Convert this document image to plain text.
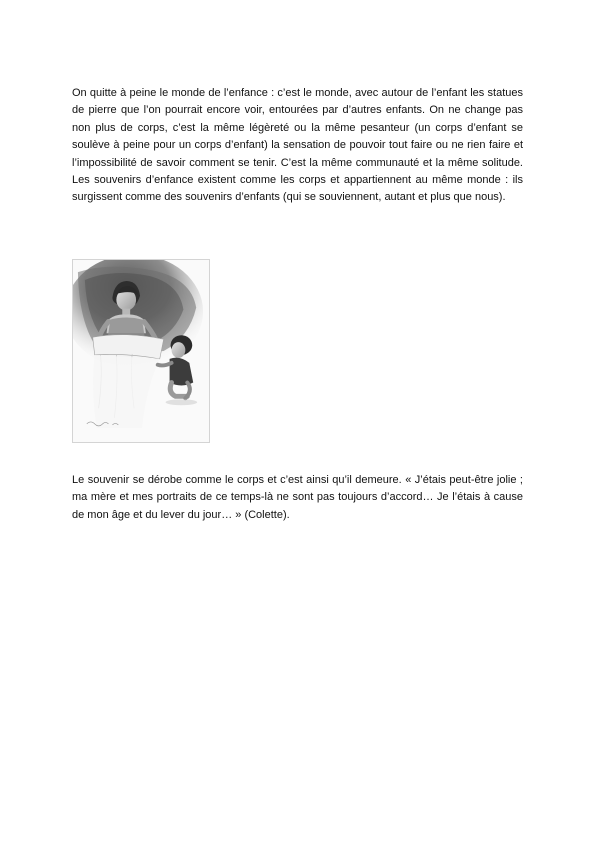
On quitte à peine le monde de l’enfance : c’est le monde, avec autour de l’enfant les statues de pierre que l’on pourrait encore voir, entourées par d’autres enfants. On ne change pas non plus de corps, c’est la même légèreté ou la même pesanteur (un corps d’enfant se soulève à peine pour un corps d’enfant) la sensation de pouvoir tout faire ou ne rien faire et l’impossibilité de savoir comment se tenir. C’est la même communauté et la même solitude. Les souvenirs d’enfance existent comme les corps et appartiennent au même monde : ils surgissent comme des souvenirs d’enfants (qui se souviennent, autant et plus que nous).

Le souvenir se dérobe comme le corps et c’est ainsi qu’il demeure. « J’étais peut-être jolie ; ma mère et mes portraits de ce temps-là ne sont pas toujours d’accord… Je l’étais à cause de mon âge et du lever du jour… » (Colette).
